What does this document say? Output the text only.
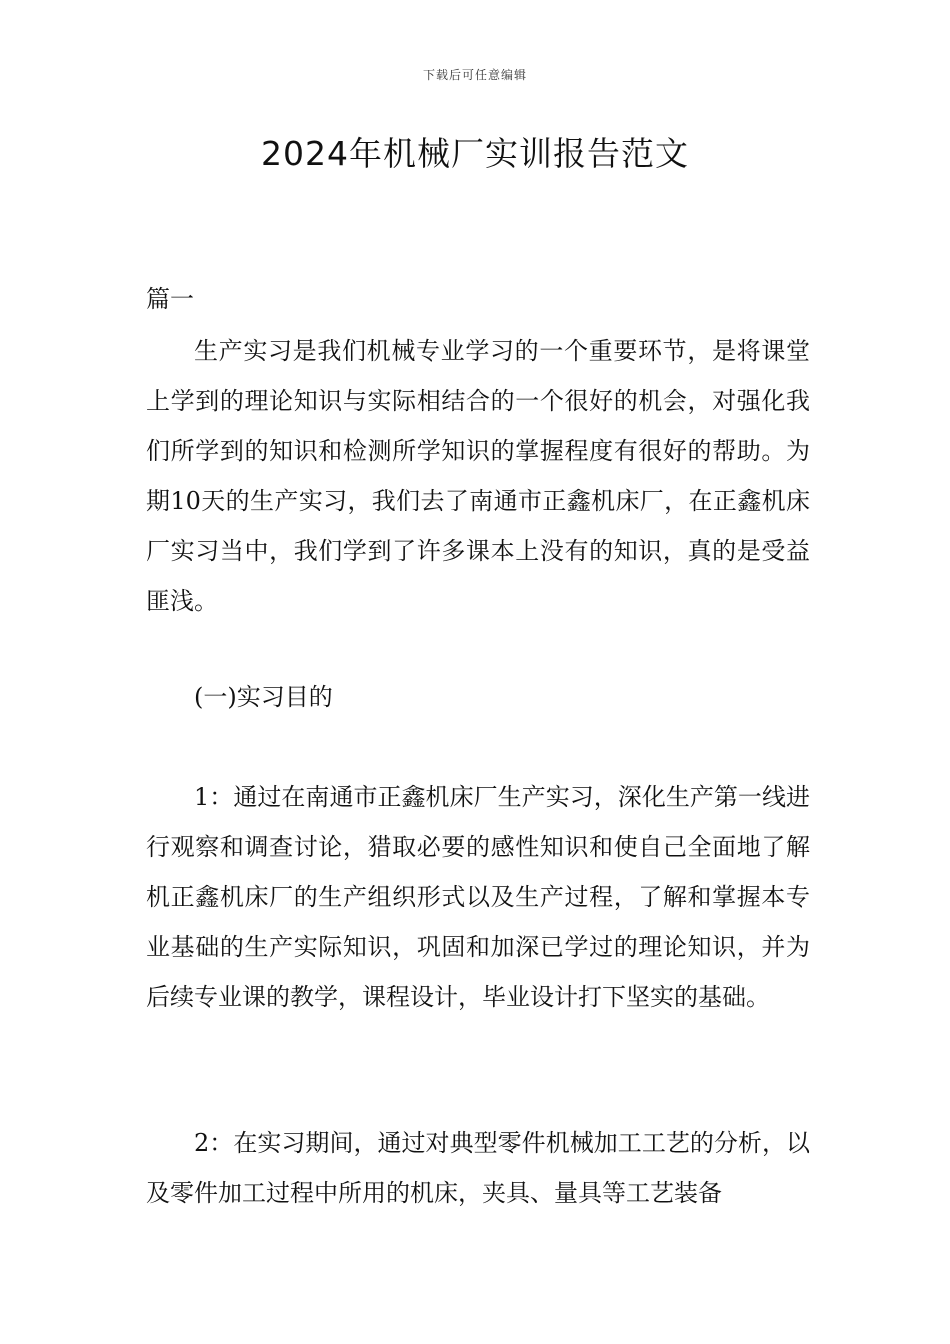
下载后可任意编辑
2024年机械厂实训报告范文
篇一

生产实习是我们机械专业学习的一个重要环节，是将课堂上学到的理论知识与实际相结合的一个很好的机会，对强化我们所学到的知识和检测所学知识的掌握程度有很好的帮助。为期10天的生产实习，我们去了南通市正鑫机床厂，在正鑫机床厂实习当中，我们学到了许多课本上没有的知识，真的是受益匪浅。

(一)实习目的

1：通过在南通市正鑫机床厂生产实习，深化生产第一线进行观察和调查讨论，猎取必要的感性知识和使自己全面地了解机正鑫机床厂的生产组织形式以及生产过程，了解和掌握本专业基础的生产实际知识，巩固和加深已学过的理论知识，并为后续专业课的教学，课程设计，毕业设计打下坚实的基础。

2：在实习期间，通过对典型零件机械加工工艺的分析，以及零件加工过程中所用的机床，夹具、量具等工艺装备
